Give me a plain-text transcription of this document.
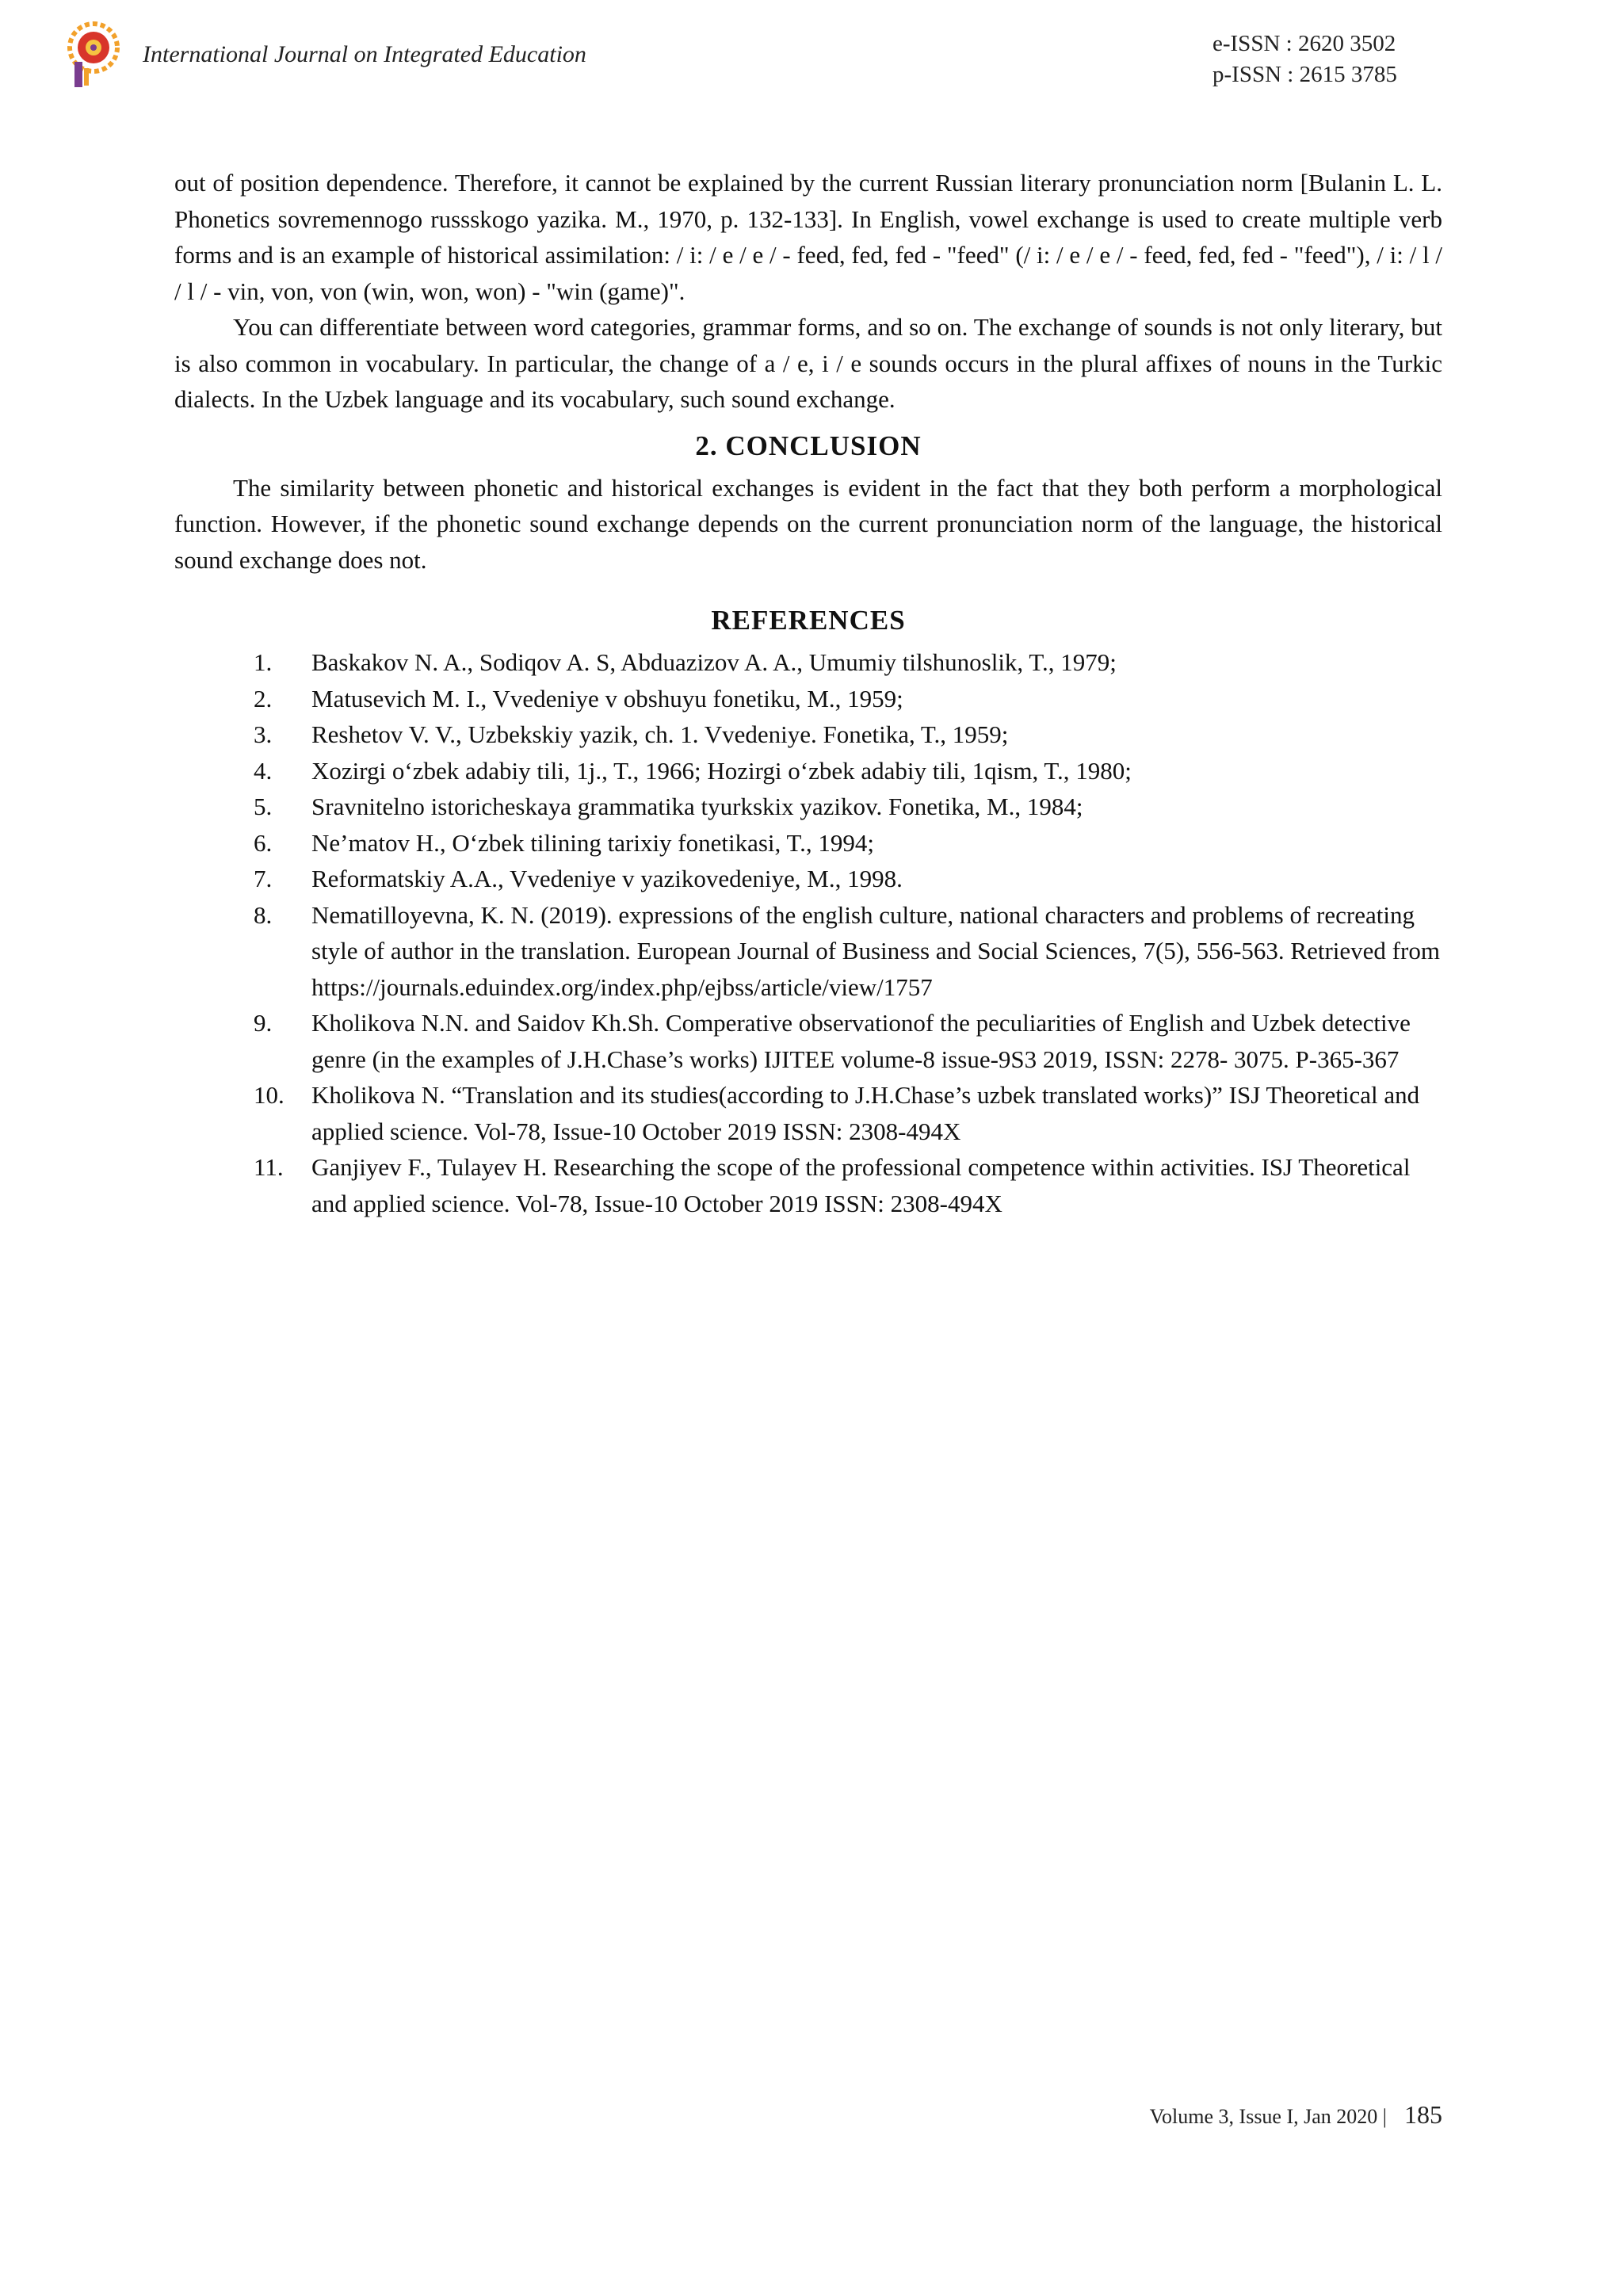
International Journal on Integrated Education	e-ISSN : 2620 3502
p-ISSN : 2615 3785

out of position dependence. Therefore, it cannot be explained by the current Russian literary pronunciation norm [Bulanin L. L. Phonetics sovremennogo russskogo yazika. M., 1970, p. 132-133]. In English, vowel exchange is used to create multiple verb forms and is an example of historical assimilation: / i: / e / e / - feed, fed, fed - "feed" (/ i: / e / e / - feed, fed, fed - "feed"), / i: / l / / l / - vin, von, von (win, won, won) - "win (game)".

You can differentiate between word categories, grammar forms, and so on. The exchange of sounds is not only literary, but is also common in vocabulary. In particular, the change of a / e, i / e sounds occurs in the plural affixes of nouns in the Turkic dialects. In the Uzbek language and its vocabulary, such sound exchange.

2. CONCLUSION

The similarity between phonetic and historical exchanges is evident in the fact that they both perform a morphological function. However, if the phonetic sound exchange depends on the current pronunciation norm of the language, the historical sound exchange does not.

REFERENCES
1. Baskakov N. A., Sodiqov A. S, Abduazizov A. A., Umumiy tilshunoslik, T., 1979;
2. Matusevich M. I., Vvedeniye v obshuyu fonetiku, M., 1959;
3. Reshetov V. V., Uzbekskiy yazik, ch. 1. Vvedeniye. Fonetika, T., 1959;
4. Xozirgi o‘zbek adabiy tili, 1j., T., 1966; Hozirgi o‘zbek adabiy tili, 1qism, T., 1980;
5. Sravnitelno istoricheskaya grammatika tyurkskix yazikov. Fonetika, M., 1984;
6. Ne’matov H., O‘zbek tilining tarixiy fonetikasi, T., 1994;
7. Reformatskiy A.A., Vvedeniye v yazikovedeniye, M., 1998.
8. Nematilloyevna, K. N. (2019). expressions of the english culture, national characters and problems of recreating style of author in the translation. European Journal of Business and Social Sciences, 7(5), 556-563. Retrieved from https://journals.eduindex.org/index.php/ejbss/article/view/1757
9. Kholikova N.N. and Saidov Kh.Sh. Comperative observationof the peculiarities of English and Uzbek detective genre (in the examples of J.H.Chase’s works) IJITEE volume-8 issue-9S3 2019, ISSN: 2278- 3075. P-365-367
10. Kholikova N. “Translation and its studies(according to J.H.Chase’s uzbek translated works)” ISJ Theoretical and applied science. Vol-78, Issue-10 October 2019 ISSN: 2308-494X
11. Ganjiyev F., Tulayev H. Researching the scope of the professional competence within activities. ISJ Theoretical and applied science. Vol-78, Issue-10 October 2019 ISSN: 2308-494X
Volume 3, Issue I, Jan 2020 | 185
